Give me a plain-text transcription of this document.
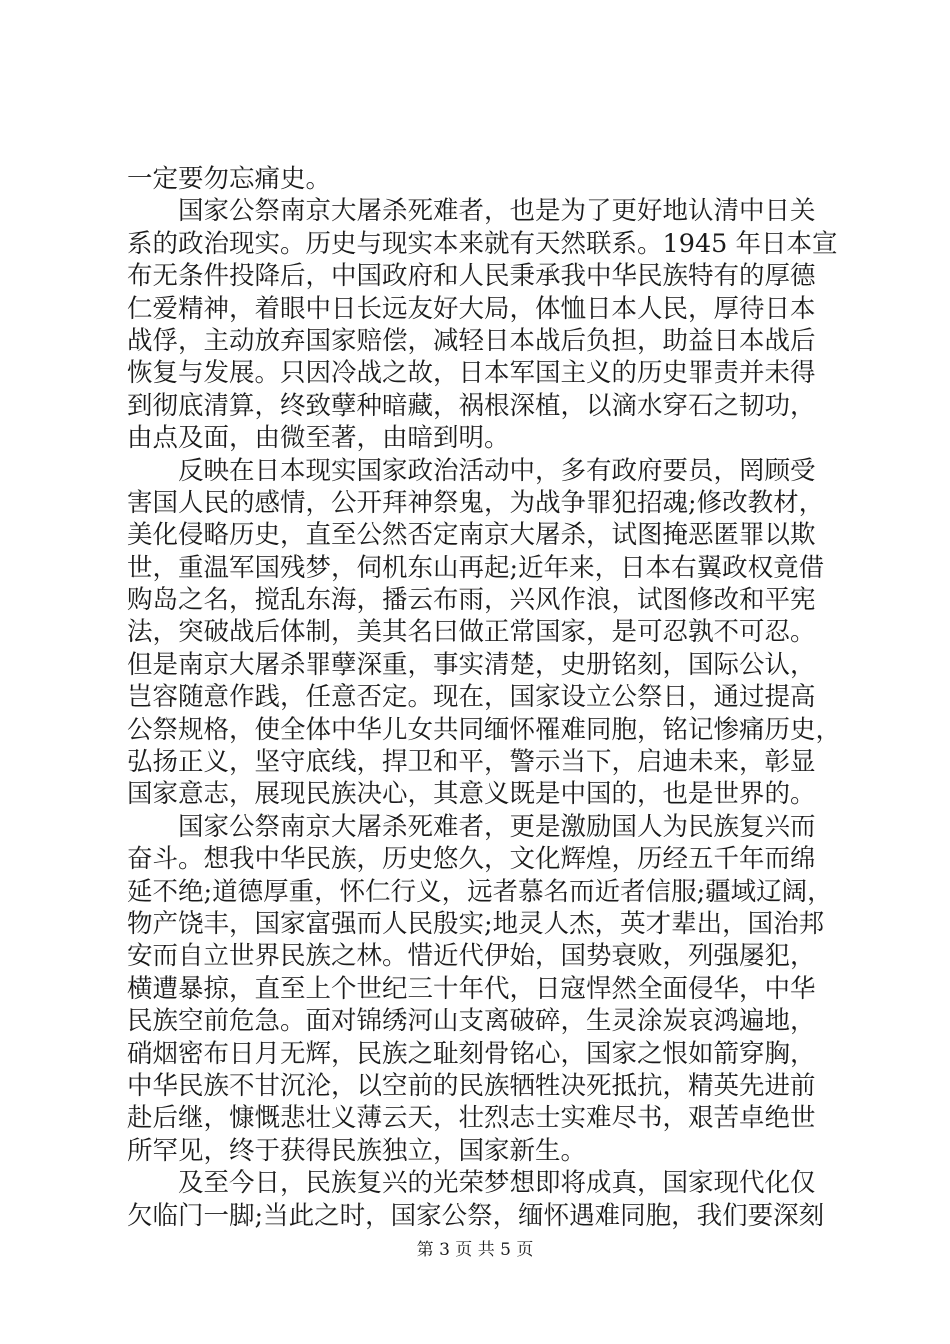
一定要勿忘痛史。
　　国家公祭南京大屠杀死难者，也是为了更好地认清中日关
系的政治现实。历史与现实本来就有天然联系。1945 年日本宣
布无条件投降后，中国政府和人民秉承我中华民族特有的厚德
仁爱精神，着眼中日长远友好大局，体恤日本人民，厚待日本
战俘，主动放弃国家赔偿，减轻日本战后负担，助益日本战后
恢复与发展。只因冷战之故，日本军国主义的历史罪责并未得
到彻底清算，终致孽种暗藏，祸根深植，以滴水穿石之韧功，
由点及面，由微至著，由暗到明。
　　反映在日本现实国家政治活动中，多有政府要员，罔顾受
害国人民的感情，公开拜神祭鬼，为战争罪犯招魂;修改教材，
美化侵略历史，直至公然否定南京大屠杀，试图掩恶匿罪以欺
世，重温军国残梦，伺机东山再起;近年来，日本右翼政权竟借
购岛之名，搅乱东海，播云布雨，兴风作浪，试图修改和平宪
法，突破战后体制，美其名曰做正常国家，是可忍孰不可忍。
但是南京大屠杀罪孽深重，事实清楚，史册铭刻，国际公认，
岂容随意作践，任意否定。现在，国家设立公祭日，通过提高
公祭规格，使全体中华儿女共同缅怀罹难同胞，铭记惨痛历史，
弘扬正义，坚守底线，捍卫和平，警示当下，启迪未来，彰显
国家意志，展现民族决心，其意义既是中国的，也是世界的。
　　国家公祭南京大屠杀死难者，更是激励国人为民族复兴而
奋斗。想我中华民族，历史悠久，文化辉煌，历经五千年而绵
延不绝;道德厚重，怀仁行义，远者慕名而近者信服;疆域辽阔，
物产饶丰，国家富强而人民殷实;地灵人杰，英才辈出，国治邦
安而自立世界民族之林。惜近代伊始，国势衰败，列强屡犯，
横遭暴掠，直至上个世纪三十年代，日寇悍然全面侵华，中华
民族空前危急。面对锦绣河山支离破碎，生灵涂炭哀鸿遍地，
硝烟密布日月无辉，民族之耻刻骨铭心，国家之恨如箭穿胸，
中华民族不甘沉沦，以空前的民族牺牲决死抵抗，精英先进前
赴后继，慷慨悲壮义薄云天，壮烈志士实难尽书，艰苦卓绝世
所罕见，终于获得民族独立，国家新生。
　　及至今日，民族复兴的光荣梦想即将成真，国家现代化仅
欠临门一脚;当此之时，国家公祭，缅怀遇难同胞，我们要深刻
第 3 页 共 5 页
